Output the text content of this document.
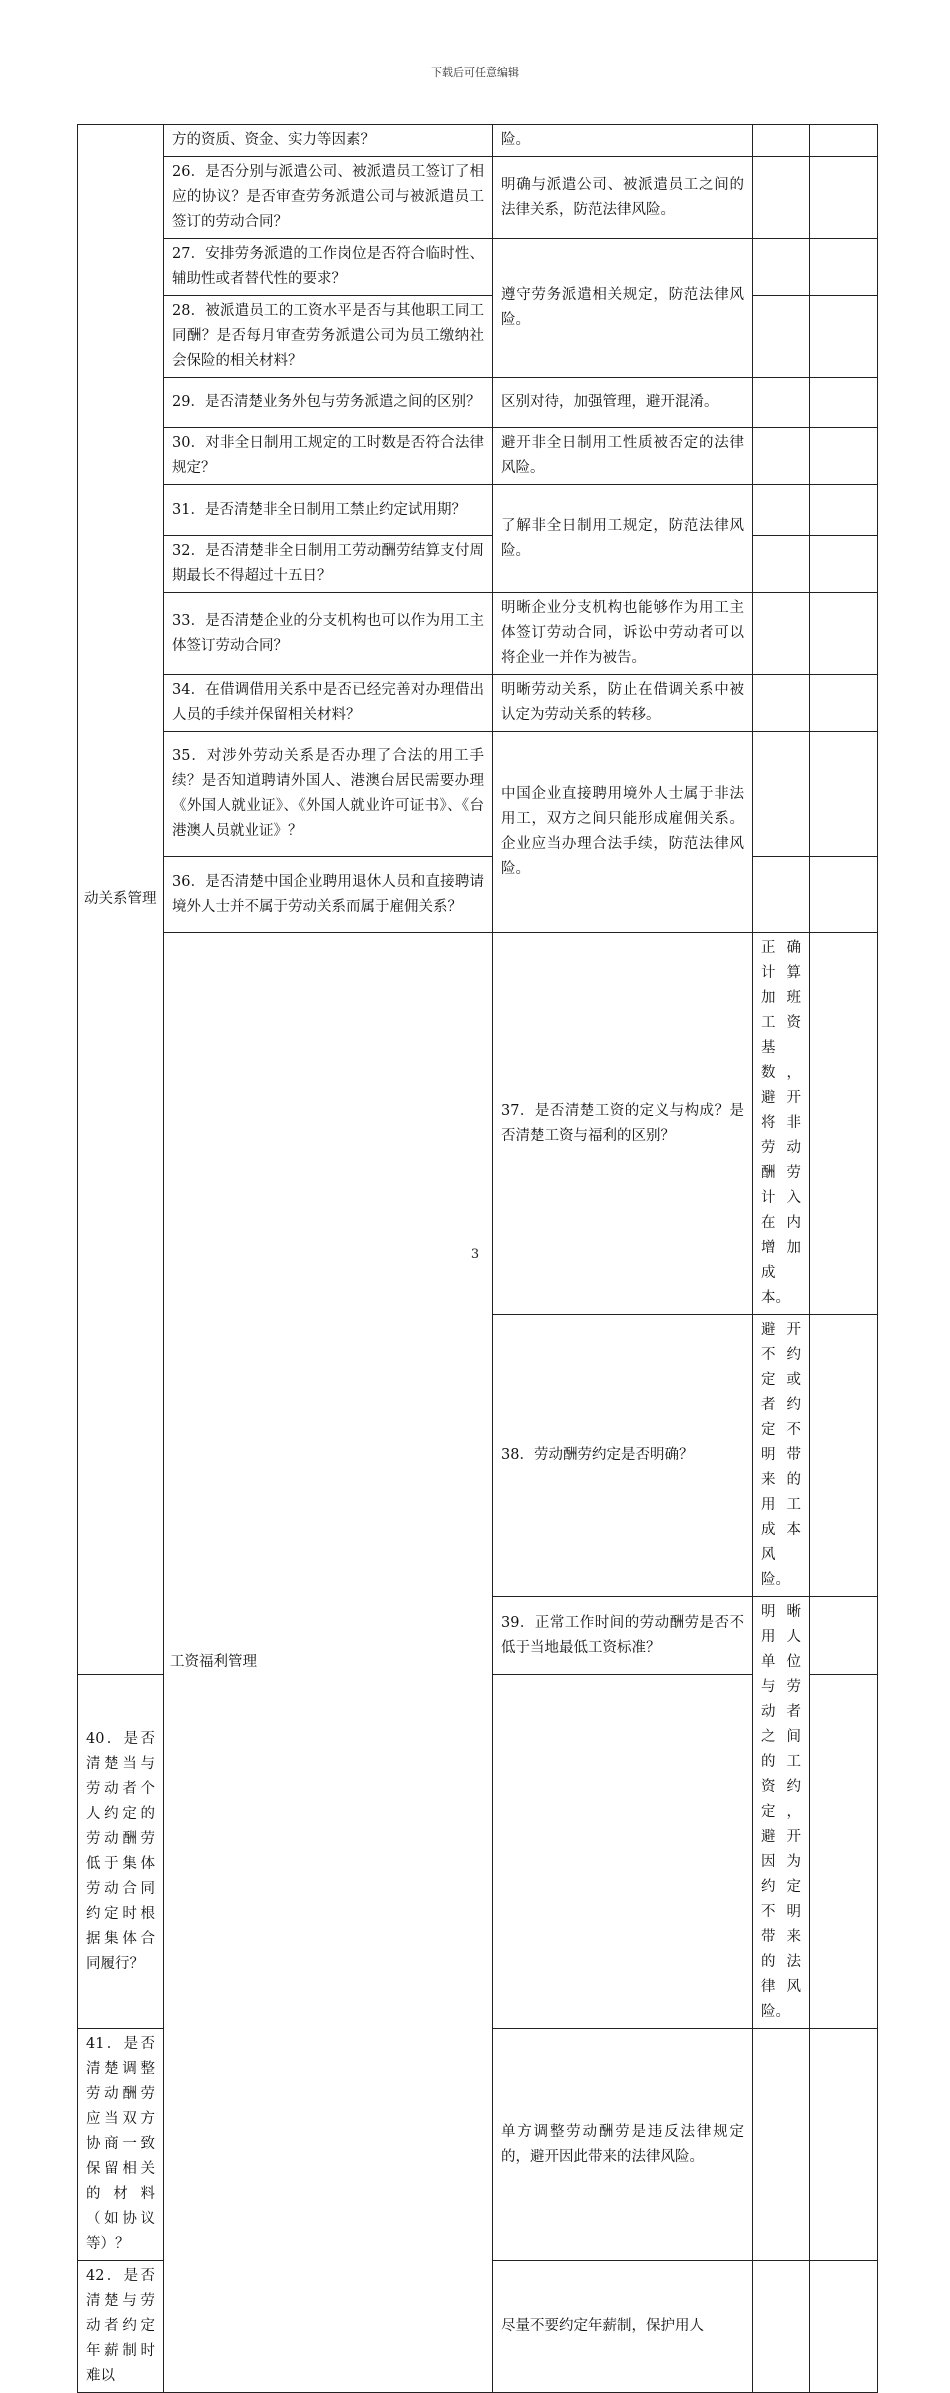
下载后可任意编辑
动关系管理	方的资质、资金、实力等因素？	险。			
	26．是否分别与派遣公司、被派遣员工签订了相应的协议？是否审查劳务派遣公司与被派遣员工签订的劳动合同？	明确与派遣公司、被派遣员工之间的法律关系，防范法律风险。			
	27．安排劳务派遣的工作岗位是否符合临时性、辅助性或者替代性的要求？	遵守劳务派遣相关规定，防范法律风险。			
	28．被派遣员工的工资水平是否与其他职工同工同酬？是否每月审查劳务派遣公司为员工缴纳社会保险的相关材料？				
	29．是否清楚业务外包与劳务派遣之间的区别？	区别对待，加强管理，避开混淆。			
	30．对非全日制用工规定的工时数是否符合法律规定？	避开非全日制用工性质被否定的法律风险。			
	31．是否清楚非全日制用工禁止约定试用期？	了解非全日制用工规定，防范法律风险。			
	32．是否清楚非全日制用工劳动酬劳结算支付周期最长不得超过十五日？				
	33．是否清楚企业的分支机构也可以作为用工主体签订劳动合同？	明晰企业分支机构也能够作为用工主体签订劳动合同，诉讼中劳动者可以将企业一并作为被告。			
	34．在借调借用关系中是否已经完善对办理借出人员的手续并保留相关材料？	明晰劳动关系，防止在借调关系中被认定为劳动关系的转移。			
	35．对涉外劳动关系是否办理了合法的用工手续？是否知道聘请外国人、港澳台居民需要办理《外国人就业证》、《外国人就业许可证书》、《台港澳人员就业证》？	中国企业直接聘用境外人士属于非法用工，双方之间只能形成雇佣关系。企业应当办理合法手续，防范法律风险。			
	36．是否清楚中国企业聘用退休人员和直接聘请境外人士并不属于劳动关系而属于雇佣关系？				
	工资福利管理	37．是否清楚工资的定义与构成？是否清楚工资与福利的区别？	正确计算加班工资基数，避开将非劳动酬劳计入在内增加成本。		
		38．劳动酬劳约定是否明确？	避开不约定或者约定不明带来的用工成本风险。		
		39．正常工作时间的劳动酬劳是否不低于当地最低工资标准？	明晰用人单位与劳动者之间的工资约定，避开因为约定不明带来的法律风险。		
40．是否清楚当与劳动者个人约定的劳动酬劳低于集体劳动合同约定时根据集体合同履行？					
41．是否清楚调整劳动酬劳应当双方协商一致保留相关的材料（如协议等）？		单方调整劳动酬劳是违反法律规定的，避开因此带来的法律风险。			
42．是否清楚与劳动者约定年薪制时难以		尽量不要约定年薪制，保护用人			
3
